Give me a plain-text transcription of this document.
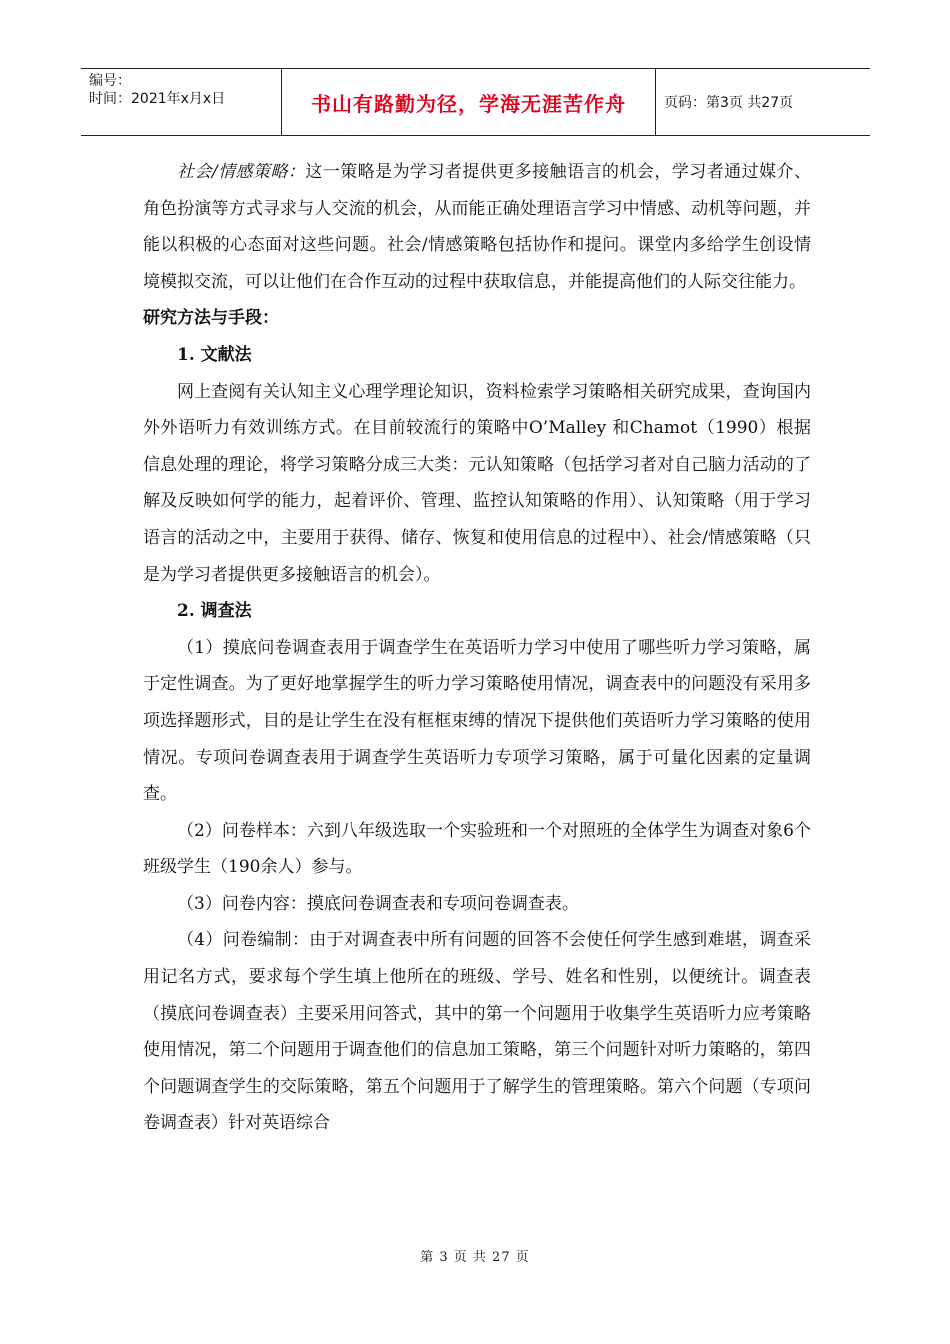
编号：
时间：2021年x月x日	书山有路勤为径，学海无涯苦作舟	页码：第3页 共27页

社会/情感策略：这一策略是为学习者提供更多接触语言的机会，学习者通过媒介、角色扮演等方式寻求与人交流的机会，从而能正确处理语言学习中情感、动机等问题，并能以积极的心态面对这些问题。社会/情感策略包括协作和提问。课堂内多给学生创设情境模拟交流，可以让他们在合作互动的过程中获取信息，并能提高他们的人际交往能力。

研究方法与手段：

1. 文献法

网上查阅有关认知主义心理学理论知识，资料检索学习策略相关研究成果，查询国内外外语听力有效训练方式。在目前较流行的策略中O’Malley 和Chamot（1990）根据信息处理的理论，将学习策略分成三大类：元认知策略（包括学习者对自己脑力活动的了解及反映如何学的能力，起着评价、管理、监控认知策略的作用）、认知策略（用于学习语言的活动之中，主要用于获得、储存、恢复和使用信息的过程中）、社会/情感策略（只是为学习者提供更多接触语言的机会）。

2. 调查法

（1）摸底问卷调查表用于调查学生在英语听力学习中使用了哪些听力学习策略，属于定性调查。为了更好地掌握学生的听力学习策略使用情况，调查表中的问题没有采用多项选择题形式，目的是让学生在没有框框束缚的情况下提供他们英语听力学习策略的使用情况。专项问卷调查表用于调查学生英语听力专项学习策略，属于可量化因素的定量调查。

（2）问卷样本：六到八年级选取一个实验班和一个对照班的全体学生为调查对象6个班级学生（190余人）参与。

（3）问卷内容：摸底问卷调查表和专项问卷调查表。

（4）问卷编制：由于对调查表中所有问题的回答不会使任何学生感到难堪，调查采用记名方式，要求每个学生填上他所在的班级、学号、姓名和性别，以便统计。调查表（摸底问卷调查表）主要采用问答式，其中的第一个问题用于收集学生英语听力应考策略使用情况，第二个问题用于调查他们的信息加工策略，第三个问题针对听力策略的，第四个问题调查学生的交际策略，第五个问题用于了解学生的管理策略。第六个问题（专项问卷调查表）针对英语综合

第 3 页 共 27 页
